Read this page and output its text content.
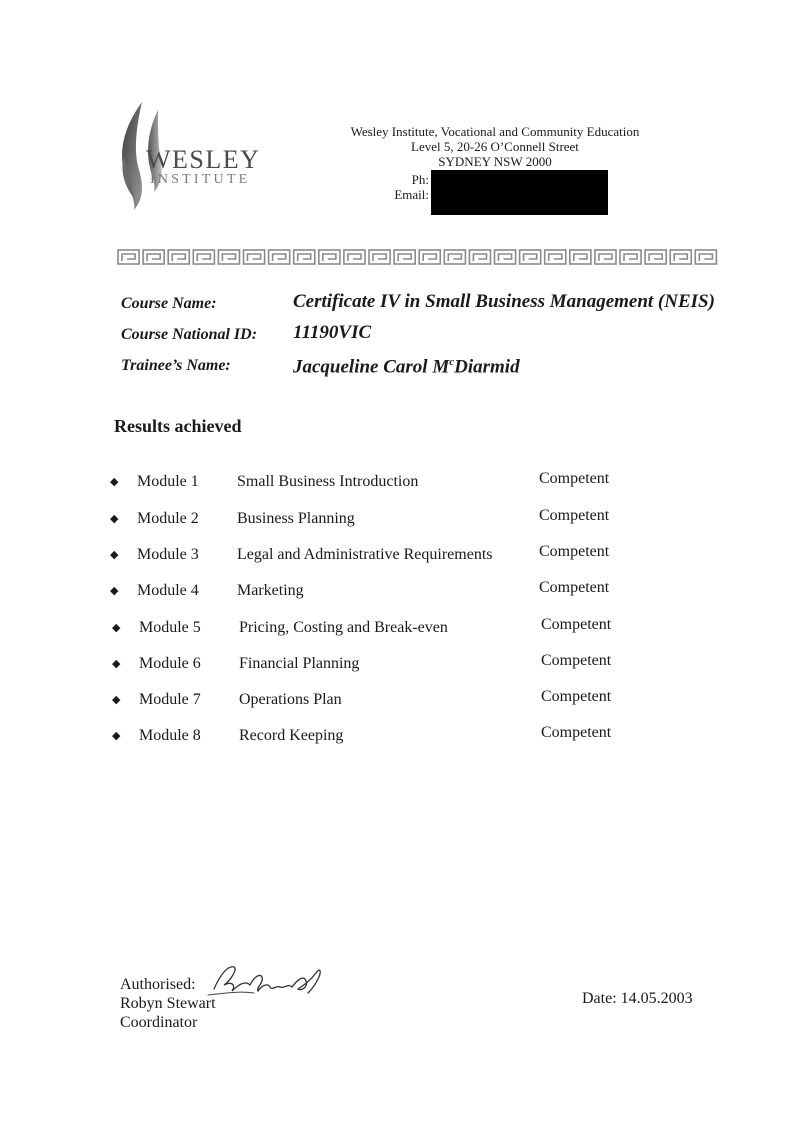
WESLEY
INSTITUTE
Wesley Institute, Vocational and Community Education
Level 5, 20-26 O’Connell Street
SYDNEY NSW 2000
Ph:
Email:
Course Name:	Certificate IV in Small Business Management (NEIS)
Course National ID: 11190VIC
Trainee’s Name:	Jacqueline Carol $M^cDiarmid$
Results achieved
◆ Module 1 Small Business Introduction	Competent
◆ Module 2 Business Planning	Competent
◆ Module 3 Legal and Administrative Requirements	Competent
◆ Module 4 Marketing	Competent
◆ Module 5 Pricing, Costing and Break-even	Competent
◆ Module 6 Financial Planning	Competent
◆ Module 7 Operations Plan	Competent
◆ Module 8 Record Keeping	Competent
Authorised:
Robyn Stewart
Coordinator
Date: 14.05.2003
